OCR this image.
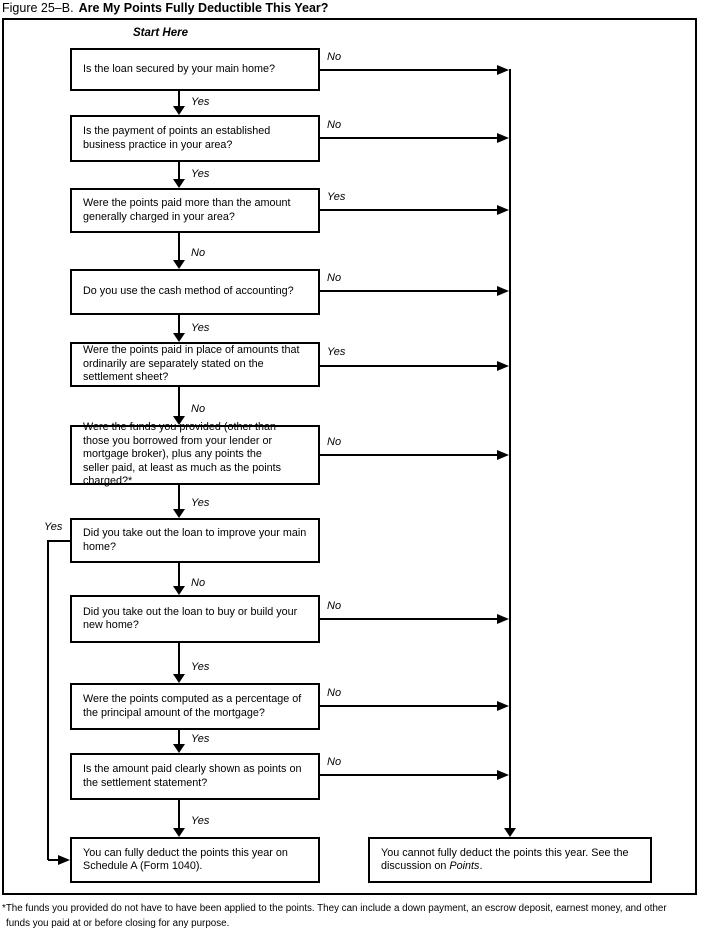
Figure 25–B. Are My Points Fully Deductible This Year?
Start Here
Is the loan secured by your main home?
Is the payment of points an established business practice in your area?
Were the points paid more than the amount generally charged in your area?
Do you use the cash method of accounting?
Were the points paid in place of amounts that ordinarily are separately stated on the settlement sheet?
Were the funds you provided (other than those you borrowed from your lender or mortgage broker), plus any points the seller paid, at least as much as the points charged?*
Did you take out the loan to improve your main home?
Did you take out the loan to buy or build your new home?
Were the points computed as a percentage of the principal amount of the mortgage?
Is the amount paid clearly shown as points on the settlement statement?
You can fully deduct the points this year on Schedule A (Form 1040).
You cannot fully deduct the points this year. See the discussion on Points.
Yes
Yes
No
Yes
No
Yes
No
Yes
Yes
Yes
No
No
Yes
No
Yes
No
No
No
No
Yes
*The funds you provided do not have to have been applied to the points. They can include a down payment, an escrow deposit, earnest money, and other
funds you paid at or before closing for any purpose.
